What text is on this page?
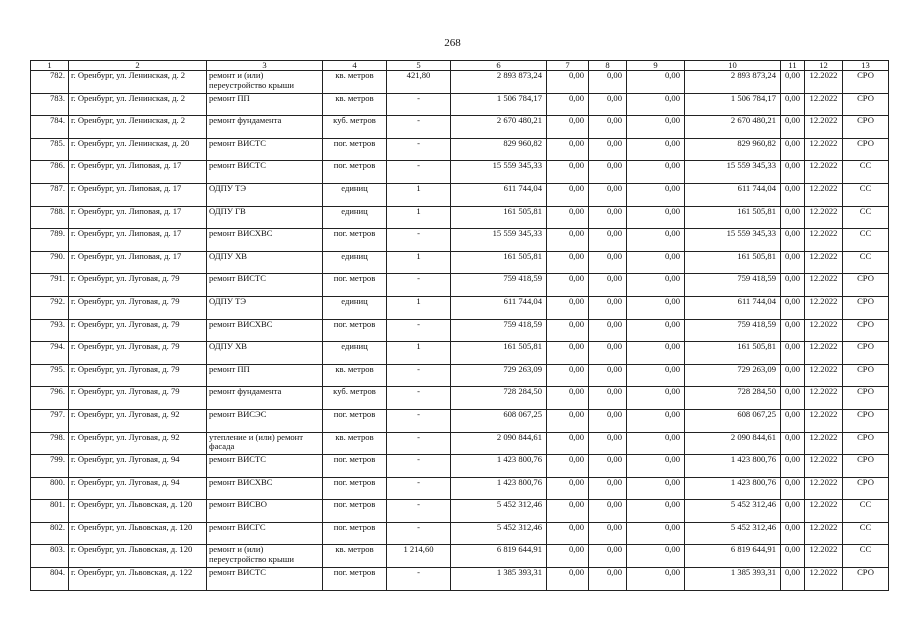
268
1	2	3	4	5	6	7	8	9	10	11	12	13
782.	г. Оренбург, ул. Ленинская, д. 2	ремонт и (или) переустройство крыши	кв. метров	421,80	2 893 873,24	0,00	0,00	0,00	2 893 873,24	0,00	12.2022	СРО
783.	г. Оренбург, ул. Ленинская, д. 2	ремонт ПП	кв. метров	-	1 506 784,17	0,00	0,00	0,00	1 506 784,17	0,00	12.2022	СРО
784.	г. Оренбург, ул. Ленинская, д. 2	ремонт фундамента	куб. метров	-	2 670 480,21	0,00	0,00	0,00	2 670 480,21	0,00	12.2022	СРО
785.	г. Оренбург, ул. Ленинская, д. 20	ремонт ВИСТС	пог. метров	-	829 960,82	0,00	0,00	0,00	829 960,82	0,00	12.2022	СРО
786.	г. Оренбург, ул. Липовая, д. 17	ремонт ВИСТС	пог. метров	-	15 559 345,33	0,00	0,00	0,00	15 559 345,33	0,00	12.2022	СС
787.	г. Оренбург, ул. Липовая, д. 17	ОДПУ ТЭ	единиц	1	611 744,04	0,00	0,00	0,00	611 744,04	0,00	12.2022	СС
788.	г. Оренбург, ул. Липовая, д. 17	ОДПУ ГВ	единиц	1	161 505,81	0,00	0,00	0,00	161 505,81	0,00	12.2022	СС
789.	г. Оренбург, ул. Липовая, д. 17	ремонт ВИСХВС	пог. метров	-	15 559 345,33	0,00	0,00	0,00	15 559 345,33	0,00	12.2022	СС
790.	г. Оренбург, ул. Липовая, д. 17	ОДПУ ХВ	единиц	1	161 505,81	0,00	0,00	0,00	161 505,81	0,00	12.2022	СС
791.	г. Оренбург, ул. Луговая, д. 79	ремонт ВИСТС	пог. метров	-	759 418,59	0,00	0,00	0,00	759 418,59	0,00	12.2022	СРО
792.	г. Оренбург, ул. Луговая, д. 79	ОДПУ ТЭ	единиц	1	611 744,04	0,00	0,00	0,00	611 744,04	0,00	12.2022	СРО
793.	г. Оренбург, ул. Луговая, д. 79	ремонт ВИСХВС	пог. метров	-	759 418,59	0,00	0,00	0,00	759 418,59	0,00	12.2022	СРО
794.	г. Оренбург, ул. Луговая, д. 79	ОДПУ ХВ	единиц	1	161 505,81	0,00	0,00	0,00	161 505,81	0,00	12.2022	СРО
795.	г. Оренбург, ул. Луговая, д. 79	ремонт ПП	кв. метров	-	729 263,09	0,00	0,00	0,00	729 263,09	0,00	12.2022	СРО
796.	г. Оренбург, ул. Луговая, д. 79	ремонт фундамента	куб. метров	-	728 284,50	0,00	0,00	0,00	728 284,50	0,00	12.2022	СРО
797.	г. Оренбург, ул. Луговая, д. 92	ремонт ВИСЭС	пог. метров	-	608 067,25	0,00	0,00	0,00	608 067,25	0,00	12.2022	СРО
798.	г. Оренбург, ул. Луговая, д. 92	утепление и (или) ремонт фасада	кв. метров	-	2 090 844,61	0,00	0,00	0,00	2 090 844,61	0,00	12.2022	СРО
799.	г. Оренбург, ул. Луговая, д. 94	ремонт ВИСТС	пог. метров	-	1 423 800,76	0,00	0,00	0,00	1 423 800,76	0,00	12.2022	СРО
800.	г. Оренбург, ул. Луговая, д. 94	ремонт ВИСХВС	пог. метров	-	1 423 800,76	0,00	0,00	0,00	1 423 800,76	0,00	12.2022	СРО
801.	г. Оренбург, ул. Львовская, д. 120	ремонт ВИСВО	пог. метров	-	5 452 312,46	0,00	0,00	0,00	5 452 312,46	0,00	12.2022	СС
802.	г. Оренбург, ул. Львовская, д. 120	ремонт ВИСГС	пог. метров	-	5 452 312,46	0,00	0,00	0,00	5 452 312,46	0,00	12.2022	СС
803.	г. Оренбург, ул. Львовская, д. 120	ремонт и (или) переустройство крыши	кв. метров	1 214,60	6 819 644,91	0,00	0,00	0,00	6 819 644,91	0,00	12.2022	СС
804.	г. Оренбург, ул. Львовская, д. 122	ремонт ВИСТС	пог. метров	-	1 385 393,31	0,00	0,00	0,00	1 385 393,31	0,00	12.2022	СРО
